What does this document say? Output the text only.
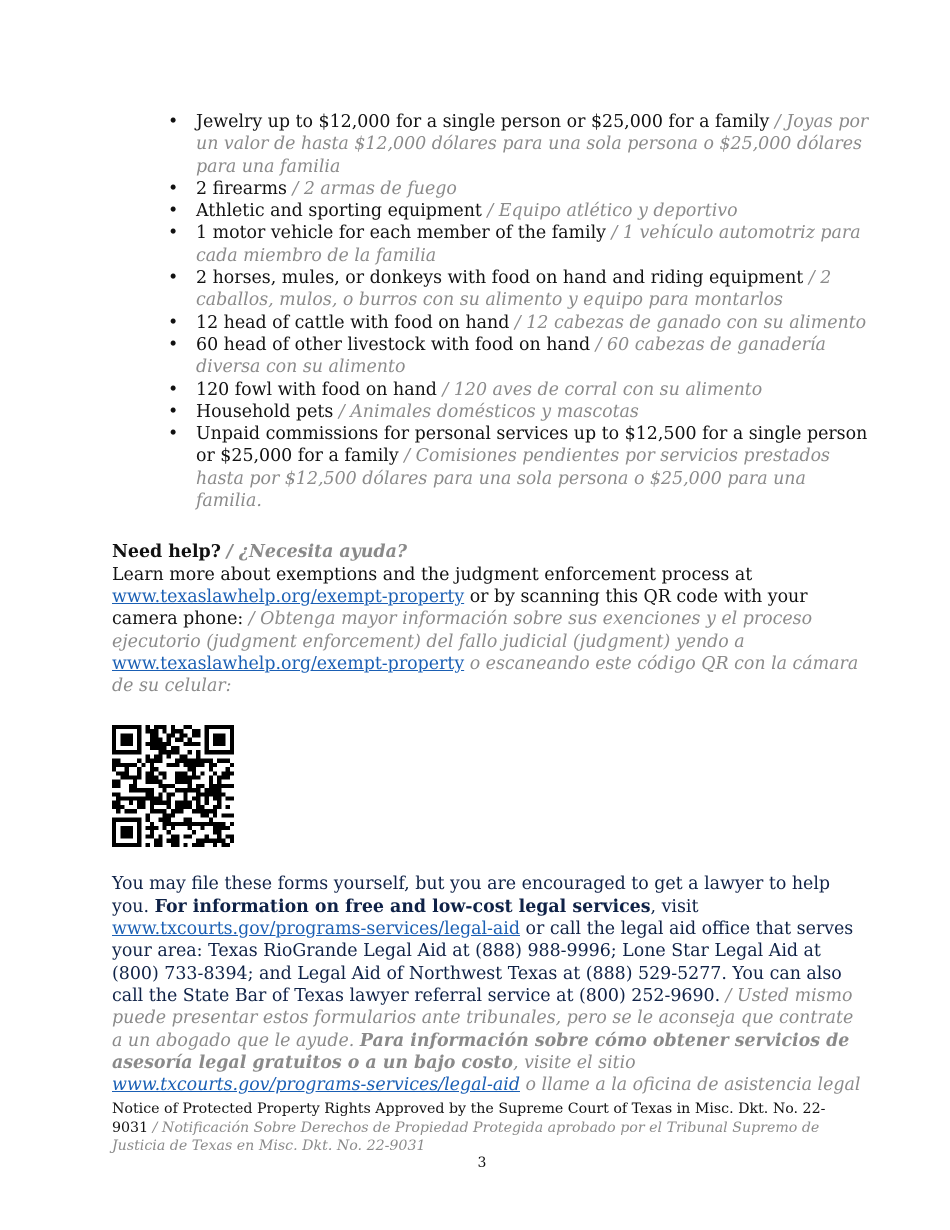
• Jewelry up to $12,000 for a single person or $25,000 for a family / Joyas por un valor de hasta $12,000 dólares para una sola persona o $25,000 dólares para una familia
• 2 firearms / 2 armas de fuego
• Athletic and sporting equipment / Equipo atlético y deportivo
• 1 motor vehicle for each member of the family / 1 vehículo automotriz para cada miembro de la familia
• 2 horses, mules, or donkeys with food on hand and riding equipment / 2 caballos, mulos, o burros con su alimento y equipo para montarlos
• 12 head of cattle with food on hand / 12 cabezas de ganado con su alimento
• 60 head of other livestock with food on hand / 60 cabezas de ganadería diversa con su alimento
• 120 fowl with food on hand / 120 aves de corral con su alimento
• Household pets / Animales domésticos y mascotas
• Unpaid commissions for personal services up to $12,500 for a single person or $25,000 for a family / Comisiones pendientes por servicios prestados hasta por $12,500 dólares para una sola persona o $25,000 para una familia.
Need help? / ¿Necesita ayuda?
Learn more about exemptions and the judgment enforcement process at www.texaslawhelp.org/exempt-property or by scanning this QR code with your camera phone: / Obtenga mayor información sobre sus exenciones y el proceso ejecutorio (judgment enforcement) del fallo judicial (judgment) yendo a www.texaslawhelp.org/exempt-property o escaneando este código QR con la cámara de su celular:
You may file these forms yourself, but you are encouraged to get a lawyer to help you. For information on free and low-cost legal services, visit www.txcourts.gov/programs-services/legal-aid or call the legal aid office that serves your area: Texas RioGrande Legal Aid at (888) 988-9996; Lone Star Legal Aid at (800) 733-8394; and Legal Aid of Northwest Texas at (888) 529-5277. You can also call the State Bar of Texas lawyer referral service at (800) 252-9690. / Usted mismo puede presentar estos formularios ante tribunales, pero se le aconseja que contrate a un abogado que le ayude. Para información sobre cómo obtener servicios de asesoría legal gratuitos o a un bajo costo, visite el sitio www.txcourts.gov/programs-services/legal-aid o llame a la oficina de asistencia legal
Notice of Protected Property Rights Approved by the Supreme Court of Texas in Misc. Dkt. No. 22-9031 / Notificación Sobre Derechos de Propiedad Protegida aprobado por el Tribunal Supremo de Justicia de Texas en Misc. Dkt. No. 22-9031
3
